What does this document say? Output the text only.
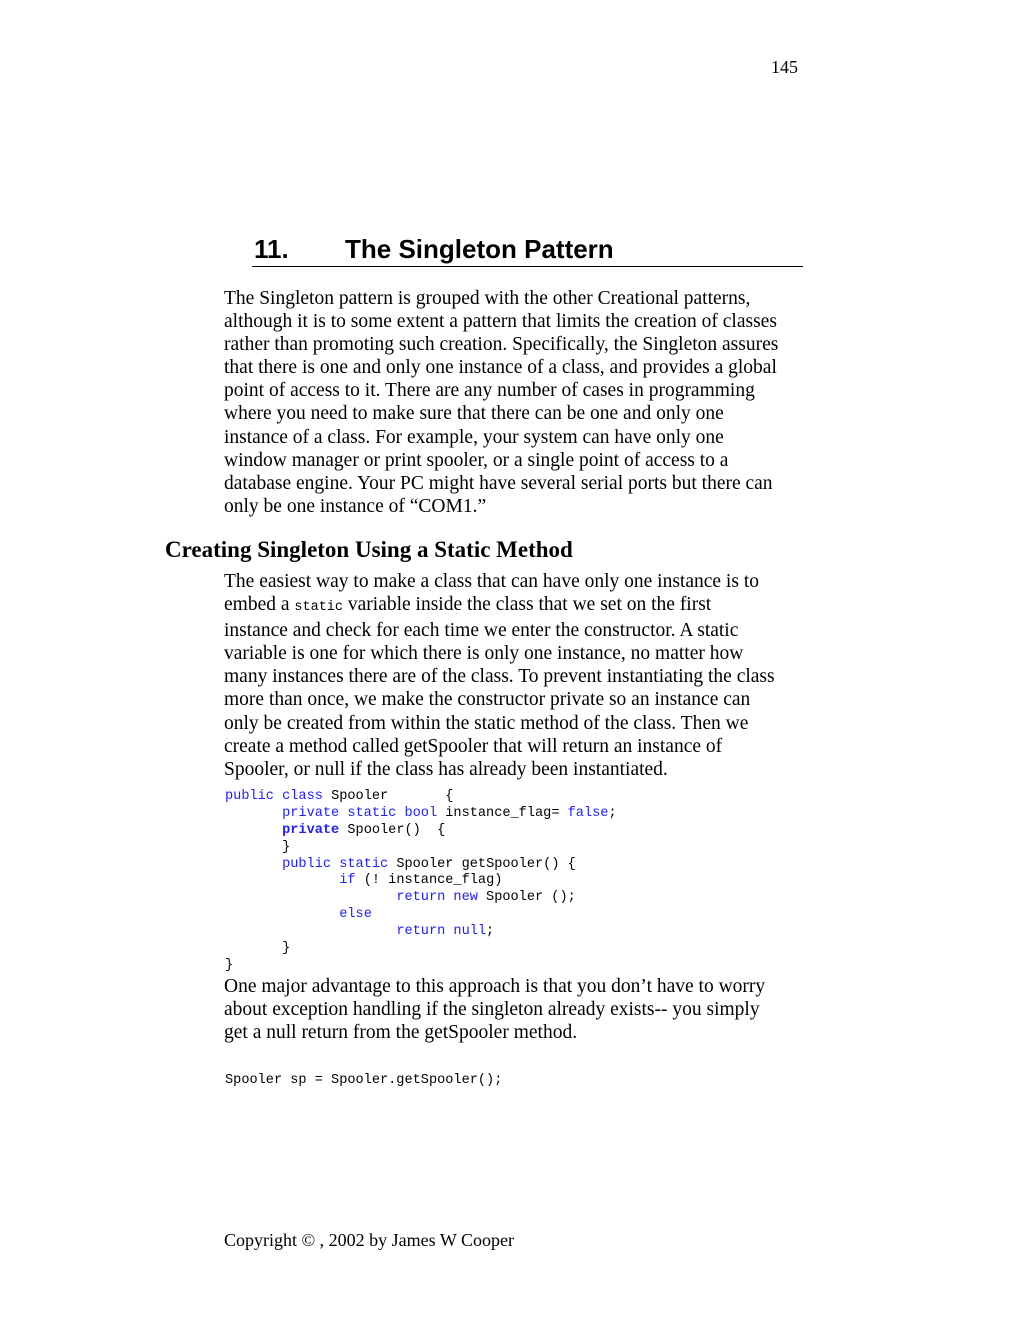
145
11. The Singleton Pattern

The Singleton pattern is grouped with the other Creational patterns,
although it is to some extent a pattern that limits the creation of classes
rather than promoting such creation. Specifically, the Singleton assures
that there is one and only one instance of a class, and provides a global
point of access to it. There are any number of cases in programming
where you need to make sure that there can be one and only one
instance of a class. For example, your system can have only one
window manager or print spooler, or a single point of access to a
database engine. Your PC might have several serial ports but there can
only be one instance of “COM1.”

Creating Singleton Using a Static Method

The easiest way to make a class that can have only one instance is to
embed a static variable inside the class that we set on the first
instance and check for each time we enter the constructor. A static
variable is one for which there is only one instance, no matter how
many instances there are of the class. To prevent instantiating the class
more than once, we make the constructor private so an instance can
only be created from within the static method of the class. Then we
create a method called getSpooler that will return an instance of
Spooler, or null if the class has already been instantiated.

public class Spooler       {
private static bool instance_flag= false;
private Spooler()  {
}
public static Spooler getSpooler() {
if (! instance_flag)
return new Spooler ();
else
return null;
}
}

One major advantage to this approach is that you don’t have to worry
about exception handling if the singleton already exists-- you simply
get a null return from the getSpooler method.

Spooler sp = Spooler.getSpooler();
Copyright © , 2002 by James W Cooper
